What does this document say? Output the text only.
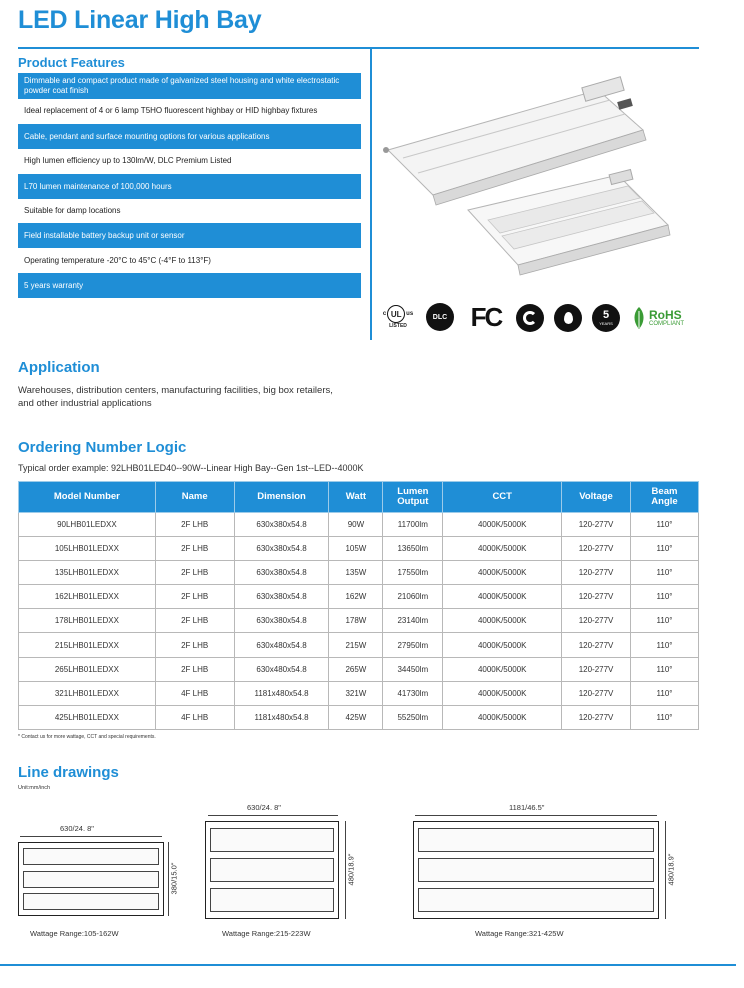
LED Linear High Bay
Product Features
Dimmable and compact product made of galvanized steel housing and white electrostatic powder coat finish
Ideal replacement of 4 or 6 lamp T5HO fluorescent highbay or HID highbay fixtures
Cable, pendant and surface mounting options for various applications
High lumen efficiency up to 130lm/W, DLC Premium Listed
L70 lumen maintenance of 100,000 hours
Suitable for damp locations
Field installable battery backup unit or sensor
Operating temperature -20°C to 45°C (-4°F to 113°F)
5 years warranty
c UL us
LISTED
DLC FC	5
YEARS
RoHS
COMPLIANT
Application
Warehouses, distribution centers, manufacturing facilities, big box retailers,
and other industrial applications
Ordering Number Logic
Typical order example: 92LHB01LED40--90W--Linear High Bay--Gen 1st--LED--4000K
Model Number	Name	Dimension	Watt	Lumen Output	CCT	Voltage	Beam Angle
90LHB01LEDXX	2F LHB	630x380x54.8	90W	11700lm	4000K/5000K	120-277V	110°
105LHB01LEDXX	2F LHB	630x380x54.8	105W	13650lm	4000K/5000K	120-277V	110°
135LHB01LEDXX	2F LHB	630x380x54.8	135W	17550lm	4000K/5000K	120-277V	110°
162LHB01LEDXX	2F LHB	630x380x54.8	162W	21060lm	4000K/5000K	120-277V	110°
178LHB01LEDXX	2F LHB	630x380x54.8	178W	23140lm	4000K/5000K	120-277V	110°
215LHB01LEDXX	2F LHB	630x480x54.8	215W	27950lm	4000K/5000K	120-277V	110°
265LHB01LEDXX	2F LHB	630x480x54.8	265W	34450lm	4000K/5000K	120-277V	110°
321LHB01LEDXX	4F LHB	1181x480x54.8	321W	41730lm	4000K/5000K	120-277V	110°
425LHB01LEDXX	4F LHB	1181x480x54.8	425W	55250lm	4000K/5000K	120-277V	110°
* Contact us for more wattage, CCT and special requirements.
Line drawings
Unit:mm/inch
630/24. 8"
380/15.0"
Wattage Range:105-162W
630/24. 8"
480/18.9"
Wattage Range:215-223W
1181/46.5"
480/18.9"
Wattage Range:321-425W
